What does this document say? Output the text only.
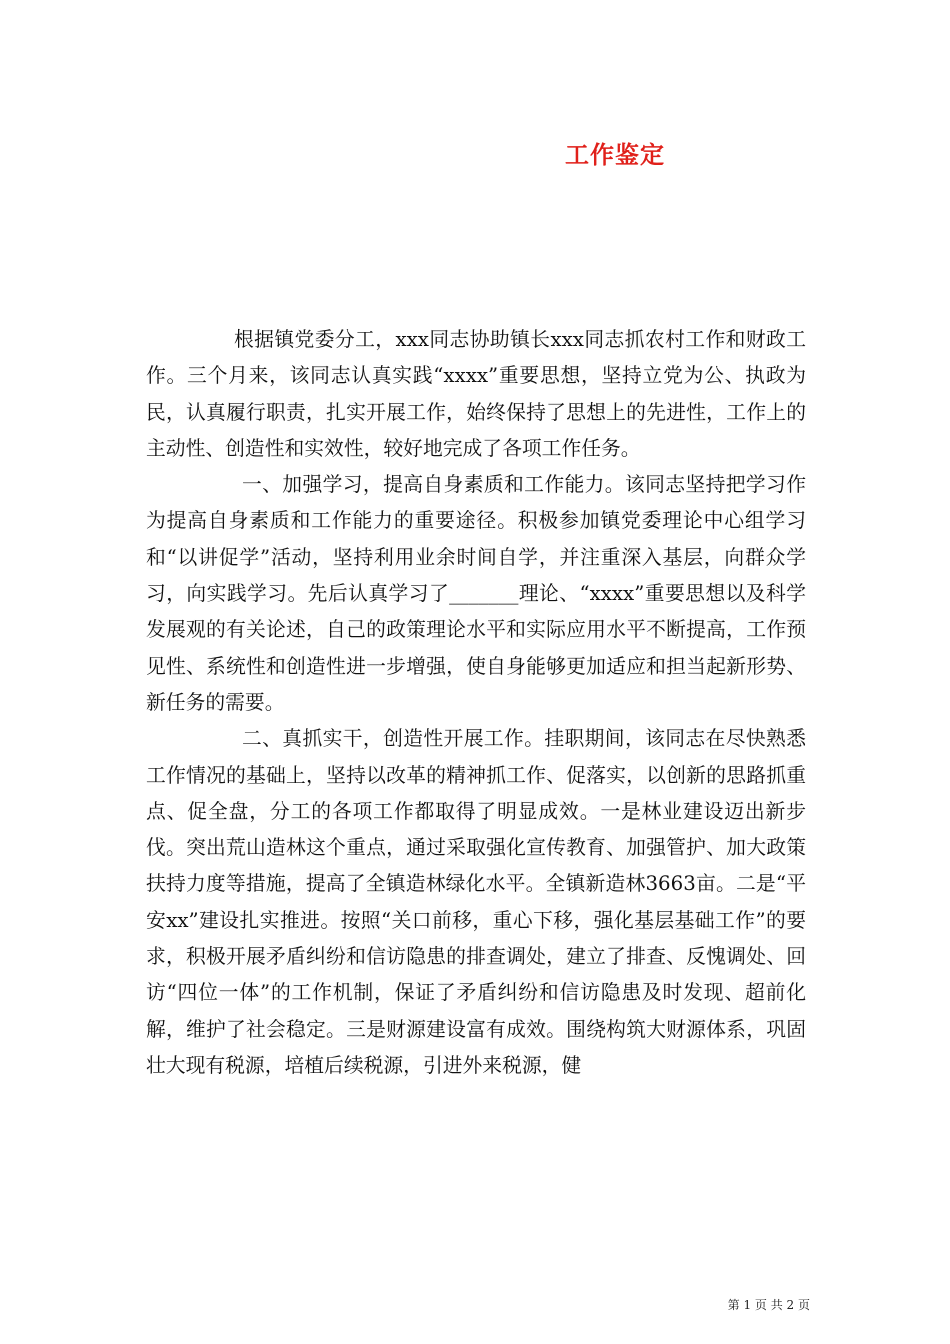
工作鉴定

根据镇党委分工，xxx同志协助镇长xxx同志抓农村工作和财政工作。三个月来，该同志认真实践“xxxx”重要思想，坚持立党为公、执政为民，认真履行职责，扎实开展工作，始终保持了思想上的先进性，工作上的主动性、创造性和实效性，较好地完成了各项工作任务。

一、加强学习，提高自身素质和工作能力。该同志坚持把学习作为提高自身素质和工作能力的重要途径。积极参加镇党委理论中心组学习和“以讲促学”活动，坚持利用业余时间自学，并注重深入基层，向群众学习，向实践学习。先后认真学习了_______理论、“xxxx”重要思想以及科学发展观的有关论述，自己的政策理论水平和实际应用水平不断提高，工作预见性、系统性和创造性进一步增强，使自身能够更加适应和担当起新形势、新任务的需要。

二、真抓实干，创造性开展工作。挂职期间，该同志在尽快熟悉工作情况的基础上，坚持以改革的精神抓工作、促落实，以创新的思路抓重点、促全盘，分工的各项工作都取得了明显成效。一是林业建设迈出新步伐。突出荒山造林这个重点，通过采取强化宣传教育、加强管护、加大政策扶持力度等措施，提高了全镇造林绿化水平。全镇新造林3663亩。二是“平安xx”建设扎实推进。按照“关口前移，重心下移，强化基层基础工作”的要求，积极开展矛盾纠纷和信访隐患的排查调处，建立了排查、反愧调处、回访“四位一体”的工作机制，保证了矛盾纠纷和信访隐患及时发现、超前化解，维护了社会稳定。三是财源建设富有成效。围绕构筑大财源体系，巩固壮大现有税源，培植后续税源，引进外来税源，健

第 1 页 共 2 页
